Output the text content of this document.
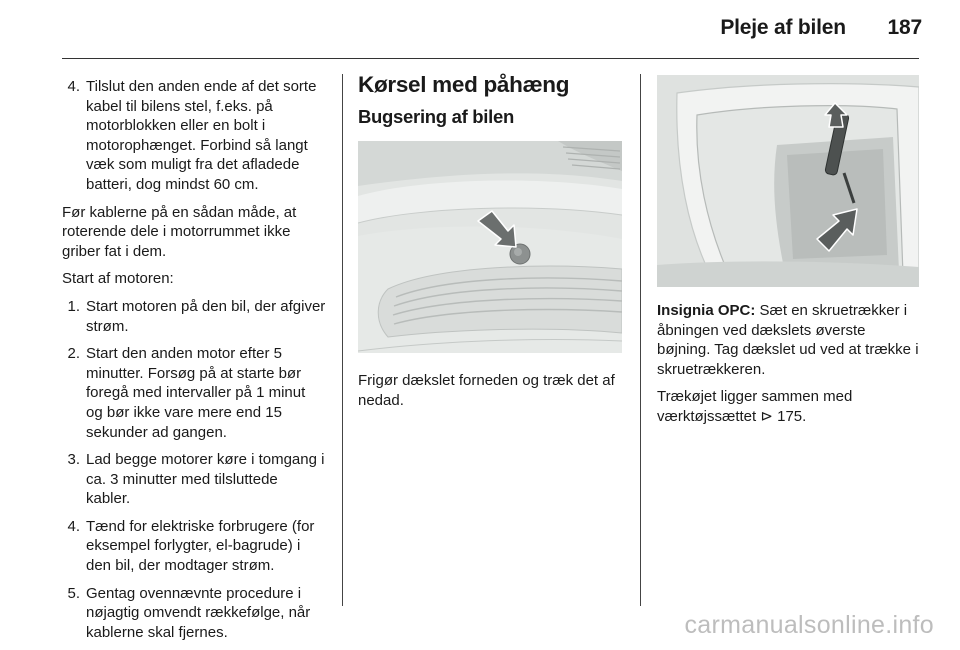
Pleje af bilen 187
4. Tilslut den anden ende af det sorte kabel til bilens stel, f.eks. på motorblokken eller en bolt i motorophænget. Forbind så langt væk som muligt fra det afladede batteri, dog mindst 60 cm.

Før kablerne på en sådan måde, at roterende dele i motorrummet ikke griber fat i dem.

Start af motoren:

1. Start motoren på den bil, der afgiver strøm.
2. Start den anden motor efter 5 minutter. Forsøg på at starte bør foregå med intervaller på 1 minut og bør ikke vare mere end 15 sekunder ad gangen.
3. Lad begge motorer køre i tomgang i ca. 3 minutter med tilsluttede kabler.
4. Tænd for elektriske forbrugere (for eksempel forlygter, el-bagrude) i den bil, der modtager strøm.
5. Gentag ovennævnte procedure i nøjagtig omvendt rækkefølge, når kablerne skal fjernes.
Kørsel med påhæng
Bugsering af bilen

Frigør dækslet forneden og træk det af nedad.

Insignia OPC: Sæt en skruetrækker i åbningen ved dækslets øverste bøjning. Tag dækslet ud ved at trække i skruetrækkeren.

Trækøjet ligger sammen med værktøjssættet ⊳ 175.

carmanualsonline.info
